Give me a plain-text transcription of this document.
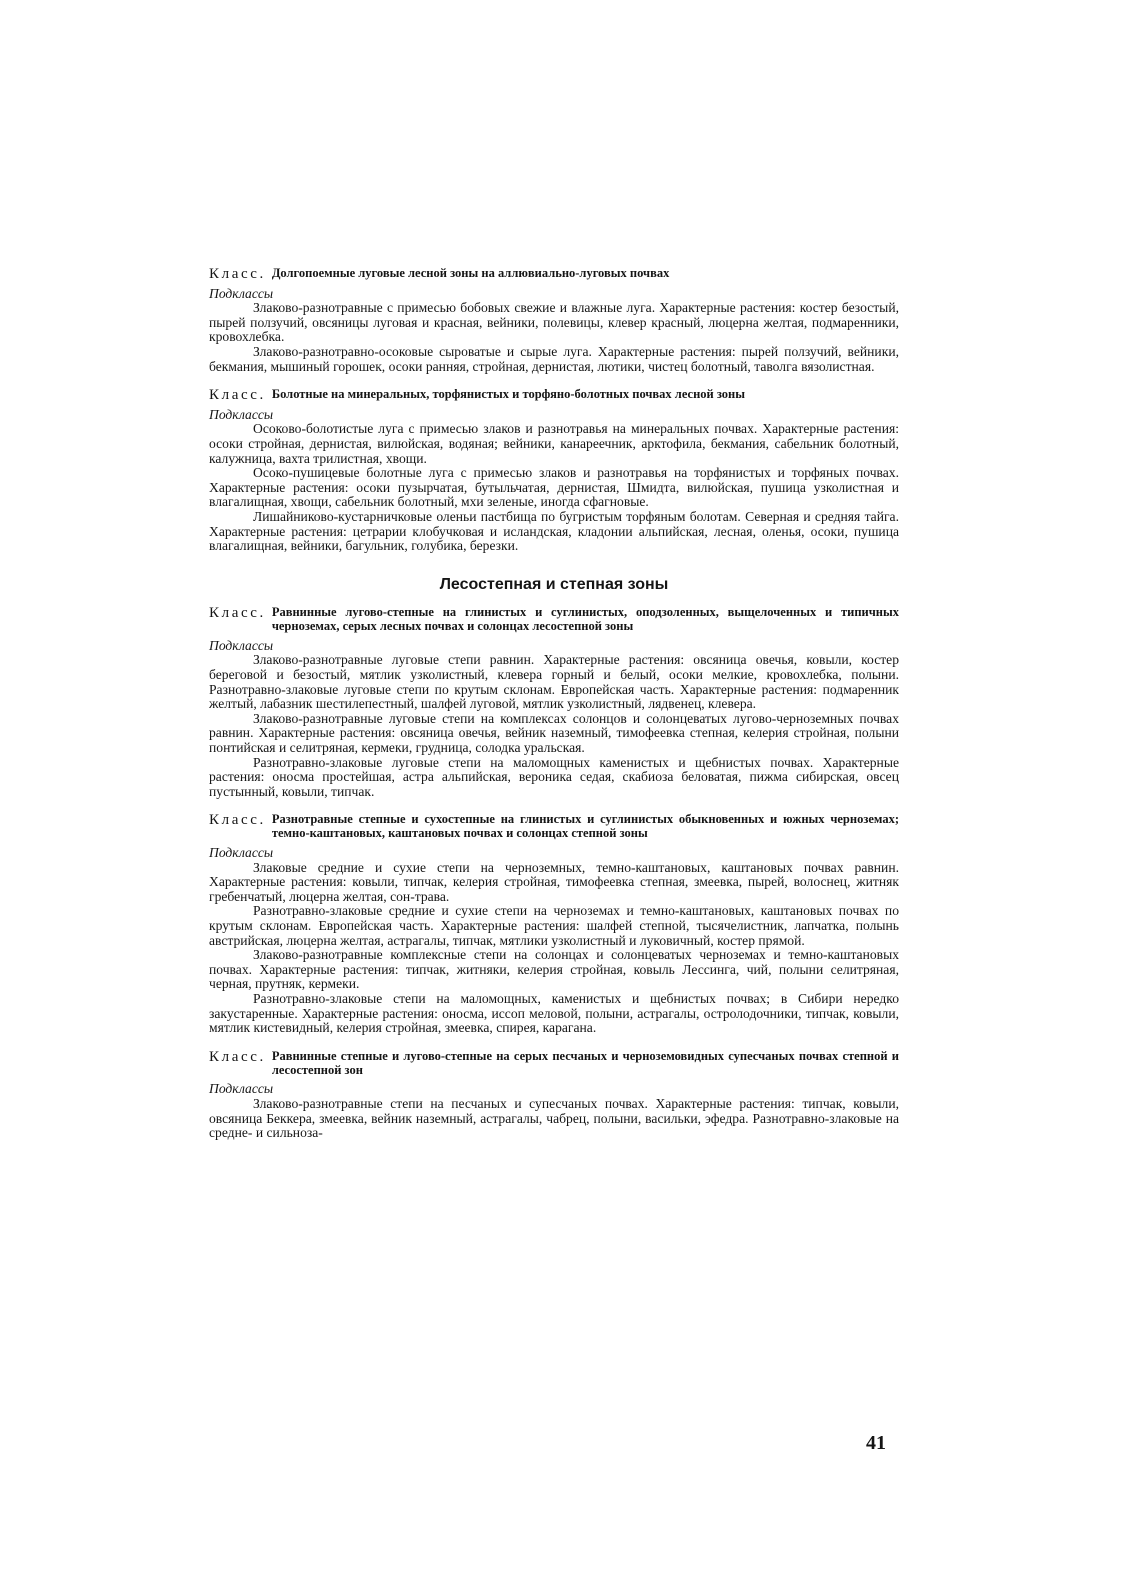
Класс. Долгопоемные луговые лесной зоны на аллювиально-луговых почвах
Подклассы
Злаково-разнотравные с примесью бобовых свежие и влажные луга. Характерные растения: костер безостый, пырей ползучий, овсяницы луговая и красная, вейники, полевицы, клевер красный, люцерна желтая, подмаренники, кровохлебка.
Злаково-разнотравно-осоковые сыроватые и сырые луга. Характерные растения: пырей ползучий, вейники, бекмания, мышиный горошек, осоки ранняя, стройная, дернистая, лютики, чистец болотный, таволга вязолистная.
Класс. Болотные на минеральных, торфянистых и торфяно-болотных почвах лесной зоны
Подклассы
Осоково-болотистые луга с примесью злаков и разнотравья на минеральных почвах. Характерные растения: осоки стройная, дернистая, вилюйская, водяная; вейники, канареечник, арктофила, бекмания, сабельник болотный, калужница, вахта трилистная, хвощи.
Осоко-пушицевые болотные луга с примесью злаков и разнотравья на торфянистых и торфяных почвах. Характерные растения: осоки пузырчатая, бутыльчатая, дернистая, Шмидта, вилюйская, пушица узколистная и влагалищная, хвощи, сабельник болотный, мхи зеленые, иногда сфагновые.
Лишайниково-кустарничковые оленьи пастбища по бугристым торфяным болотам. Северная и средняя тайга. Характерные растения: цетрарии клобучковая и исландская, кладонии альпийская, лесная, оленья, осоки, пушица влагалищная, вейники, багульник, голубика, березки.
Лесостепная и степная зоны
Класс. Равнинные лугово-степные на глинистых и суглинистых, оподзоленных, выщелоченных и типичных черноземах, серых лесных почвах и солонцах лесостепной зоны
Подклассы
Злаково-разнотравные луговые степи равнин. Характерные растения: овсяница овечья, ковыли, костер береговой и безостый, мятлик узколистный, клевера горный и белый, осоки мелкие, кровохлебка, полыни. Разнотравно-злаковые луговые степи по крутым склонам. Европейская часть. Характерные растения: подмаренник желтый, лабазник шестилепестный, шалфей луговой, мятлик узколистный, лядвенец, клевера.
Злаково-разнотравные луговые степи на комплексах солонцов и солонцеватых лугово-черноземных почвах равнин. Характерные растения: овсяница овечья, вейник наземный, тимофеевка степная, келерия стройная, полыни понтийская и селитряная, кермеки, грудница, солодка уральская.
Разнотравно-злаковые луговые степи на маломощных каменистых и щебнистых почвах. Характерные растения: оносма простейшая, астра альпийская, вероника седая, скабиоза беловатая, пижма сибирская, овсец пустынный, ковыли, типчак.
Класс. Разнотравные степные и сухостепные на глинистых и суглинистых обыкновенных и южных черноземах; темно-каштановых, каштановых почвах и солонцах степной зоны
Подклассы
Злаковые средние и сухие степи на черноземных, темно-каштановых, каштановых почвах равнин. Характерные растения: ковыли, типчак, келерия стройная, тимофеевка степная, змеевка, пырей, волоснец, житняк гребенчатый, люцерна желтая, сон-трава.
Разнотравно-злаковые средние и сухие степи на черноземах и темно-каштановых, каштановых почвах по крутым склонам. Европейская часть. Характерные растения: шалфей степной, тысячелистник, лапчатка, полынь австрийская, люцерна желтая, астрагалы, типчак, мятлики узколистный и луковичный, костер прямой.
Злаково-разнотравные комплексные степи на солонцах и солонцеватых черноземах и темно-каштановых почвах. Характерные растения: типчак, житняки, келерия стройная, ковыль Лессинга, чий, полыни селитряная, черная, прутняк, кермеки.
Разнотравно-злаковые степи на маломощных, каменистых и щебнистых почвах; в Сибири нередко закустаренные. Характерные растения: оносма, иссоп меловой, полыни, астрагалы, остролодочники, типчак, ковыли, мятлик кистевидный, келерия стройная, змеевка, спирея, карагана.
Класс. Равнинные степные и лугово-степные на серых песчаных и черноземовидных супесчаных почвах степной и лесостепной зон
Подклассы
Злаково-разнотравные степи на песчаных и супесчаных почвах. Характерные растения: типчак, ковыли, овсяница Беккера, змеевка, вейник наземный, астрагалы, чабрец, полыни, васильки, эфедра. Разнотравно-злаковые на средне- и сильноза-
41
